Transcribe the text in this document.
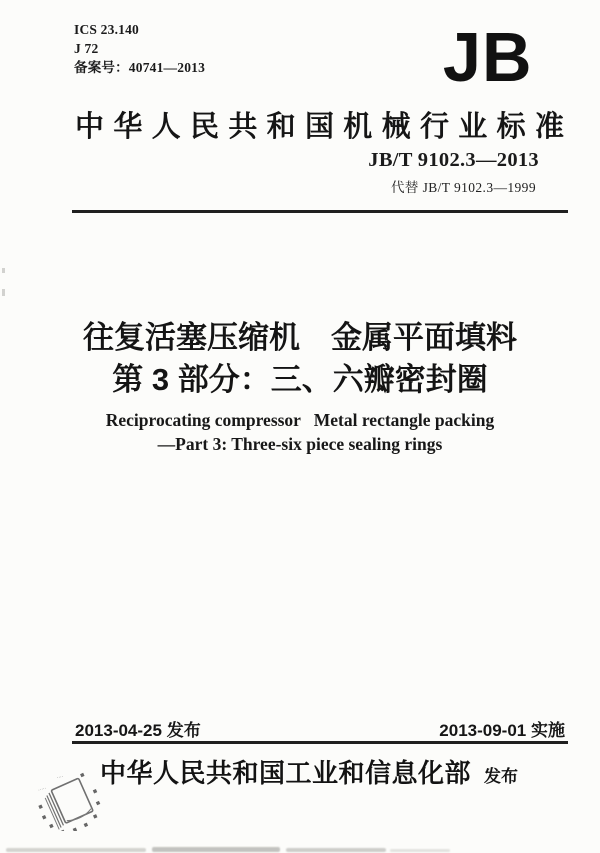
ICS 23.140
J 72
备案号：40741—2013	JB
中 华 人 民 共 和 国 机 械 行 业 标 准
JB/T 9102.3—2013
代替 JB/T 9102.3—1999
往复活塞压缩机　金属平面填料
第 3 部分：三、六瓣密封圈
Reciprocating compressor   Metal rectangle packing
—Part 3: Three-six piece sealing rings
2013-04-25 发布	2013-09-01 实施
中华人民共和国工业和信息化部 发布
·····
····
